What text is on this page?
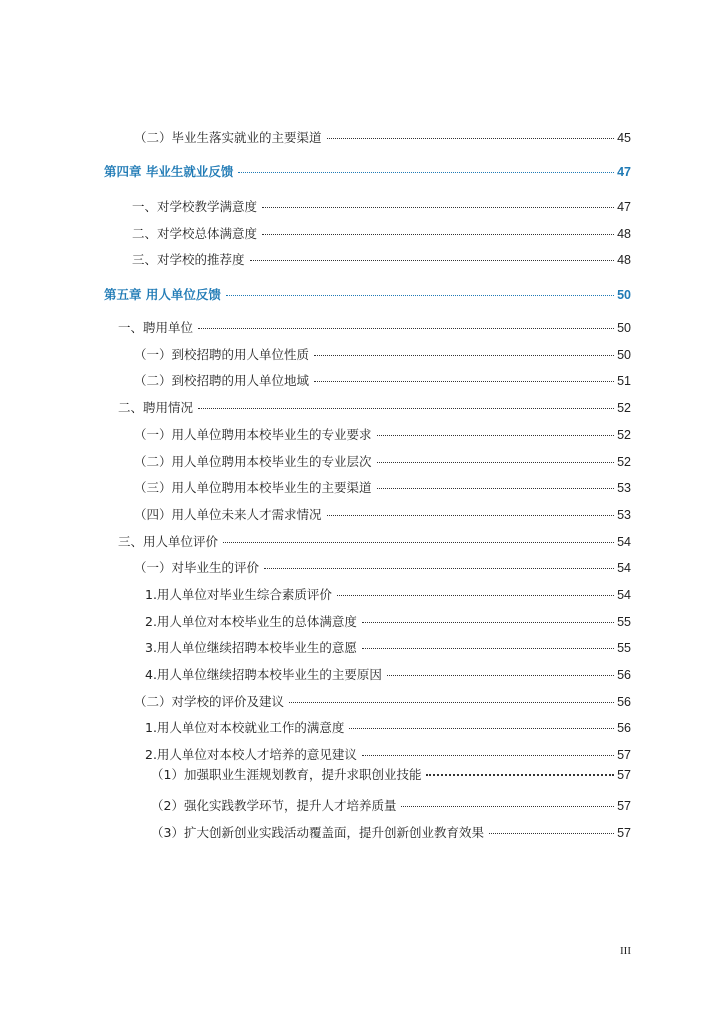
（二）毕业生落实就业的主要渠道	45
第四章 毕业生就业反馈	47
一、对学校教学满意度	47
二、对学校总体满意度	48
三、对学校的推荐度	48
第五章 用人单位反馈	50
一、聘用单位	50
（一）到校招聘的用人单位性质	50
（二）到校招聘的用人单位地域	51
二、聘用情况	52
（一）用人单位聘用本校毕业生的专业要求	52
（二）用人单位聘用本校毕业生的专业层次	52
（三）用人单位聘用本校毕业生的主要渠道	53
（四）用人单位未来人才需求情况	53
三、用人单位评价	54
（一）对毕业生的评价	54
1.用人单位对毕业生综合素质评价	54
2.用人单位对本校毕业生的总体满意度	55
3.用人单位继续招聘本校毕业生的意愿	55
4.用人单位继续招聘本校毕业生的主要原因	56
（二）对学校的评价及建议	56
1.用人单位对本校就业工作的满意度	56
2.用人单位对本校人才培养的意见建议	57
（1）加强职业生涯规划教育，提升求职创业技能	57
（2）强化实践教学环节，提升人才培养质量	57
（3）扩大创新创业实践活动覆盖面，提升创新创业教育效果	57
III
